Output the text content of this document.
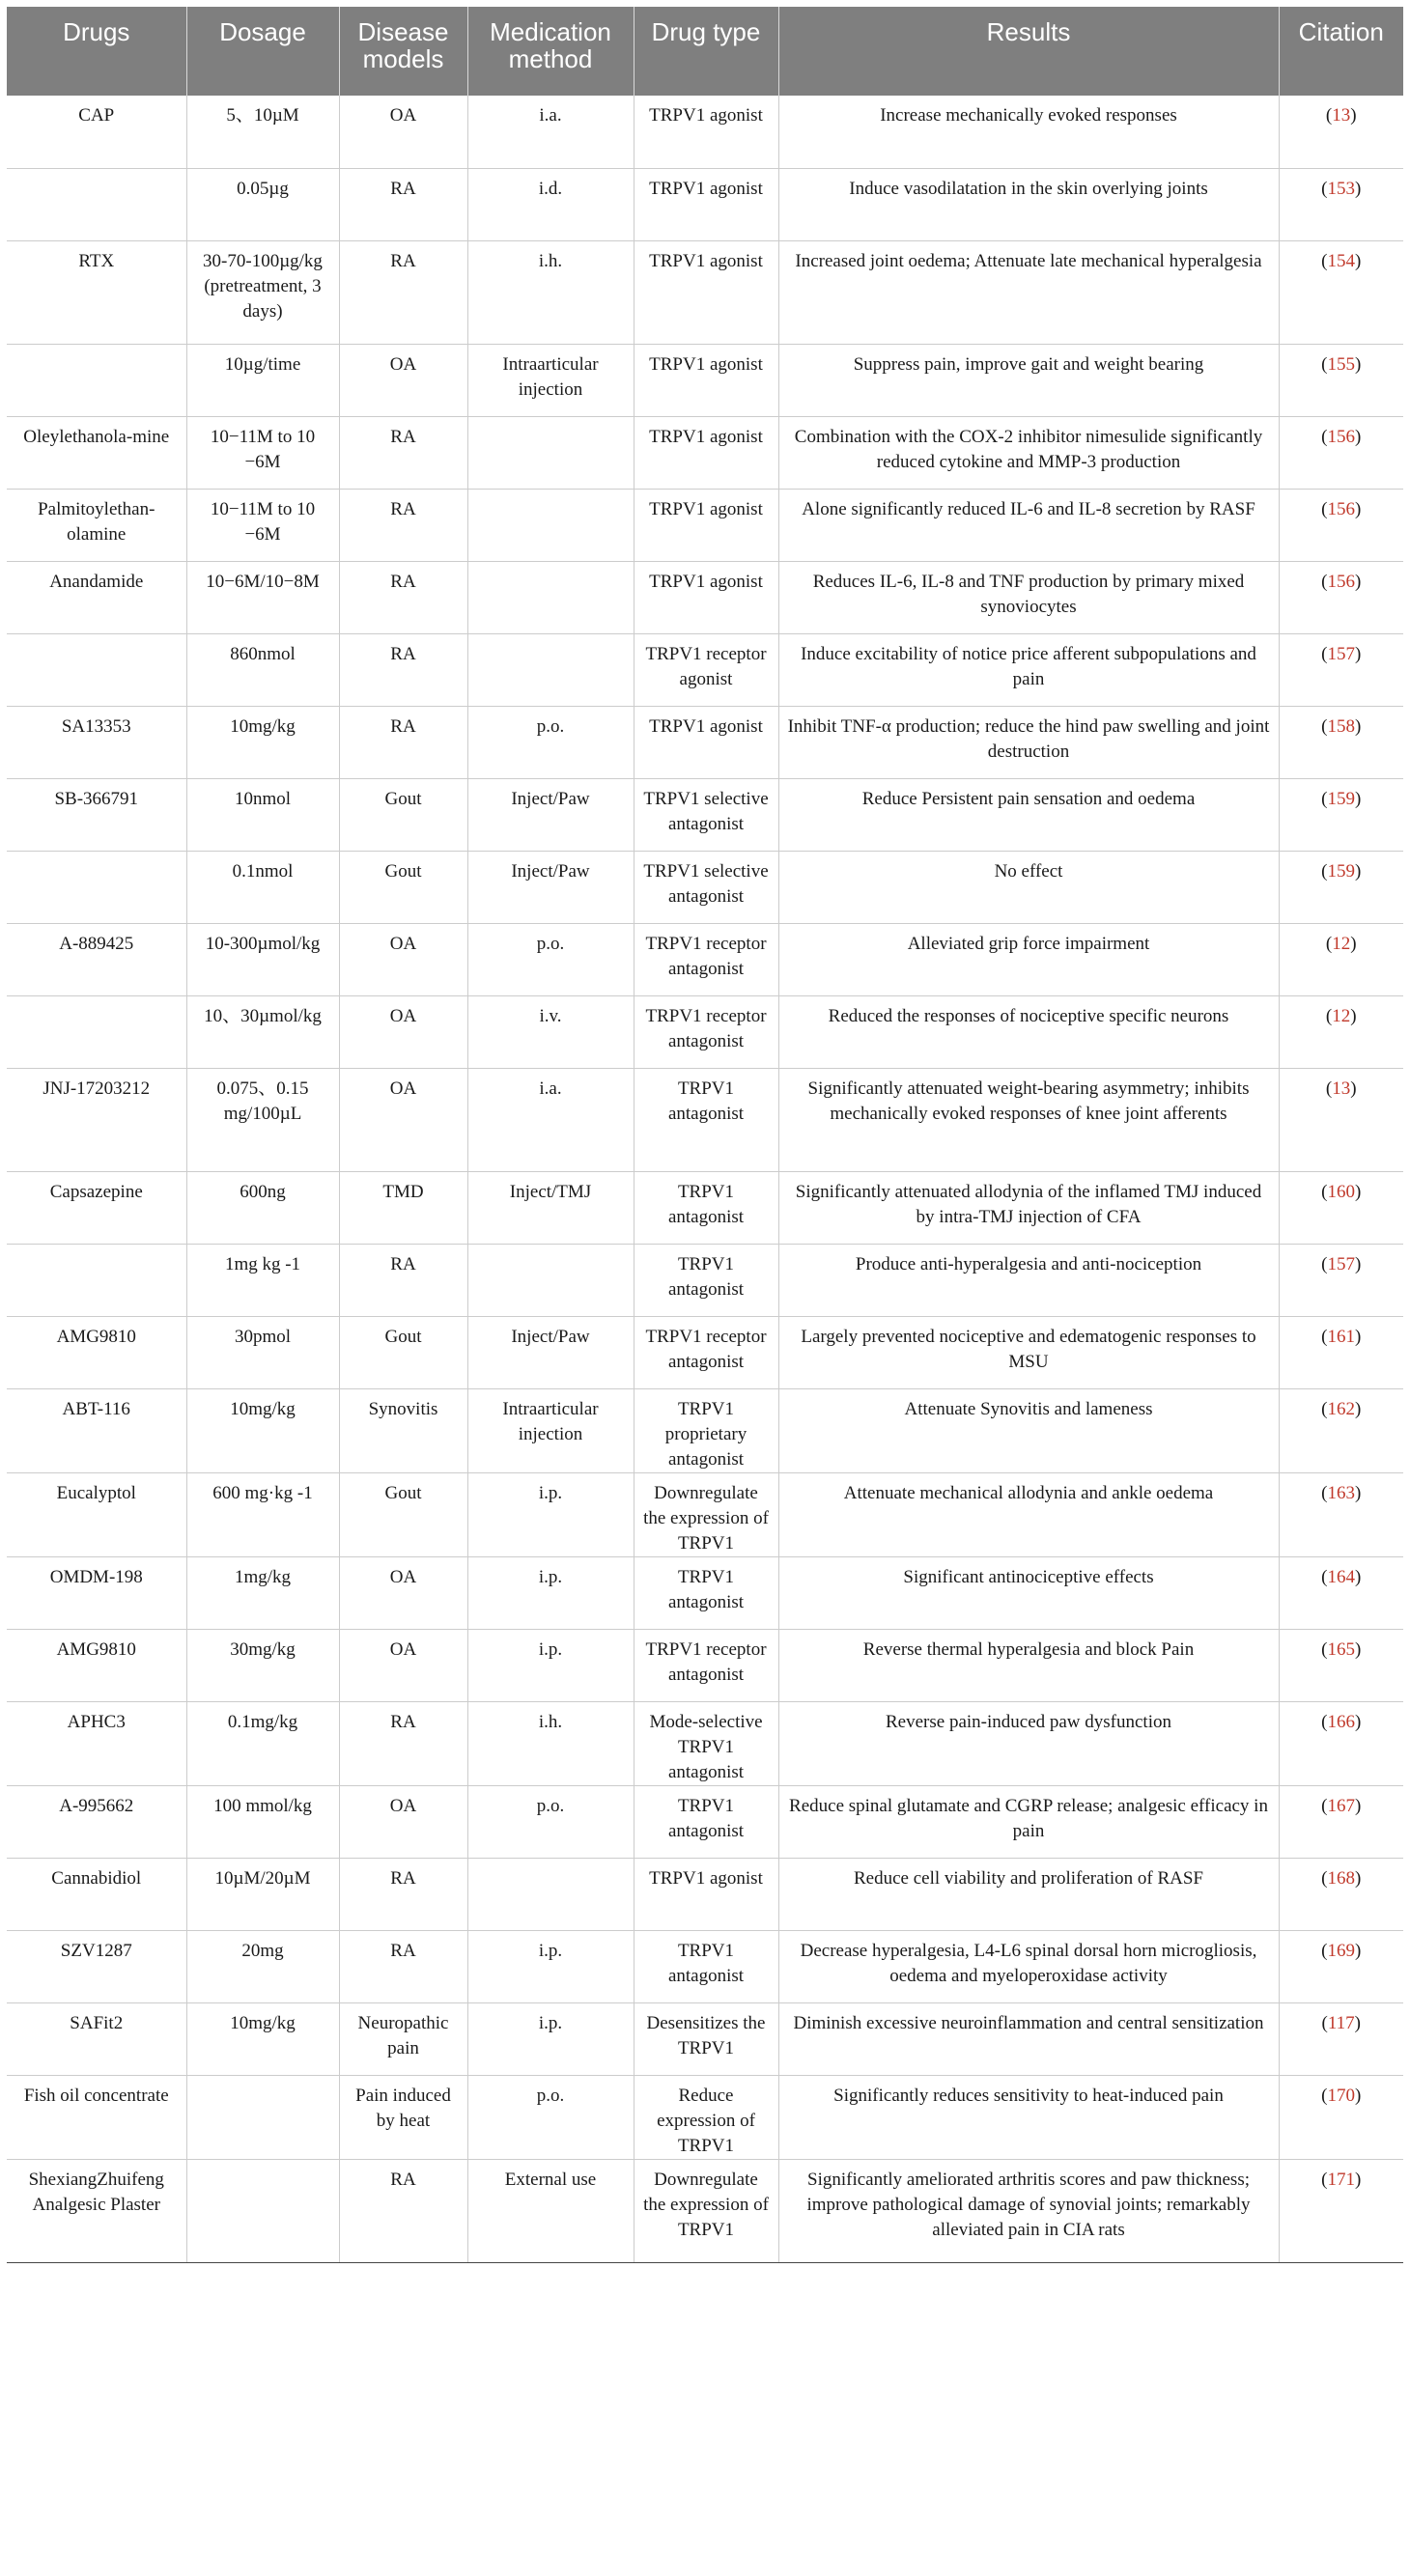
Drugs	Dosage	Disease models	Medication method	Drug type	Results	Citation
CAP	5、10µM	OA	i.a.	TRPV1 agonist	Increase mechanically evoked responses	(13)
	0.05µg	RA	i.d.	TRPV1 agonist	Induce vasodilatation in the skin overlying joints	(153)
RTX	30-70-100µg/kg (pretreatment, 3 days)	RA	i.h.	TRPV1 agonist	Increased joint oedema; Attenuate late mechanical hyperalgesia	(154)
	10µg/time	OA	Intraarticular injection	TRPV1 agonist	Suppress pain, improve gait and weight bearing	(155)
Oleylethanola-mine	10−11M to 10 −6M	RA		TRPV1 agonist	Combination with the COX-2 inhibitor nimesulide significantly reduced cytokine and MMP-3 production	(156)
Palmitoylethan-olamine	10−11M to 10 −6M	RA		TRPV1 agonist	Alone significantly reduced IL-6 and IL-8 secretion by RASF	(156)
Anandamide	10−6M/10−8M	RA		TRPV1 agonist	Reduces IL-6, IL-8 and TNF production by primary mixed synoviocytes	(156)
	860nmol	RA		TRPV1 receptor agonist	Induce excitability of notice price afferent subpopulations and pain	(157)
SA13353	10mg/kg	RA	p.o.	TRPV1 agonist	Inhibit TNF-α production; reduce the hind paw swelling and joint destruction	(158)
SB-366791	10nmol	Gout	Inject/Paw	TRPV1 selective antagonist	Reduce Persistent pain sensation and oedema	(159)
	0.1nmol	Gout	Inject/Paw	TRPV1 selective antagonist	No effect	(159)
A-889425	10-300µmol/kg	OA	p.o.	TRPV1 receptor antagonist	Alleviated grip force impairment	(12)
	10、30µmol/kg	OA	i.v.	TRPV1 receptor antagonist	Reduced the responses of nociceptive specific neurons	(12)
JNJ-17203212	0.075、0.15 mg/100µL	OA	i.a.	TRPV1 antagonist	Significantly attenuated weight-bearing asymmetry; inhibits mechanically evoked responses of knee joint afferents	(13)
Capsazepine	600ng	TMD	Inject/TMJ	TRPV1 antagonist	Significantly attenuated allodynia of the inflamed TMJ induced by intra-TMJ injection of CFA	(160)
	1mg kg -1	RA		TRPV1 antagonist	Produce anti-hyperalgesia and anti-nociception	(157)
AMG9810	30pmol	Gout	Inject/Paw	TRPV1 receptor antagonist	Largely prevented nociceptive and edematogenic responses to MSU	(161)
ABT-116	10mg/kg	Synovitis	Intraarticular injection	TRPV1 proprietary antagonist	Attenuate Synovitis and lameness	(162)
Eucalyptol	600 mg·kg -1	Gout	i.p.	Downregulate the expression of TRPV1	Attenuate mechanical allodynia and ankle oedema	(163)
OMDM-198	1mg/kg	OA	i.p.	TRPV1 antagonist	Significant antinociceptive effects	(164)
AMG9810	30mg/kg	OA	i.p.	TRPV1 receptor antagonist	Reverse thermal hyperalgesia and block Pain	(165)
APHC3	0.1mg/kg	RA	i.h.	Mode-selective TRPV1 antagonist	Reverse pain-induced paw dysfunction	(166)
A-995662	100 mmol/kg	OA	p.o.	TRPV1 antagonist	Reduce spinal glutamate and CGRP release; analgesic efficacy in pain	(167)
Cannabidiol	10µM/20µM	RA		TRPV1 agonist	Reduce cell viability and proliferation of RASF	(168)
SZV1287	20mg	RA	i.p.	TRPV1 antagonist	Decrease hyperalgesia, L4-L6 spinal dorsal horn microgliosis, oedema and myeloperoxidase activity	(169)
SAFit2	10mg/kg	Neuropathic pain	i.p.	Desensitizes the TRPV1	Diminish excessive neuroinflammation and central sensitization	(117)
Fish oil concentrate		Pain induced by heat	p.o.	Reduce expression of TRPV1	Significantly reduces sensitivity to heat-induced pain	(170)
ShexiangZhuifeng Analgesic Plaster		RA	External use	Downregulate the expression of TRPV1	Significantly ameliorated arthritis scores and paw thickness; improve pathological damage of synovial joints; remarkably alleviated pain in CIA rats	(171)
